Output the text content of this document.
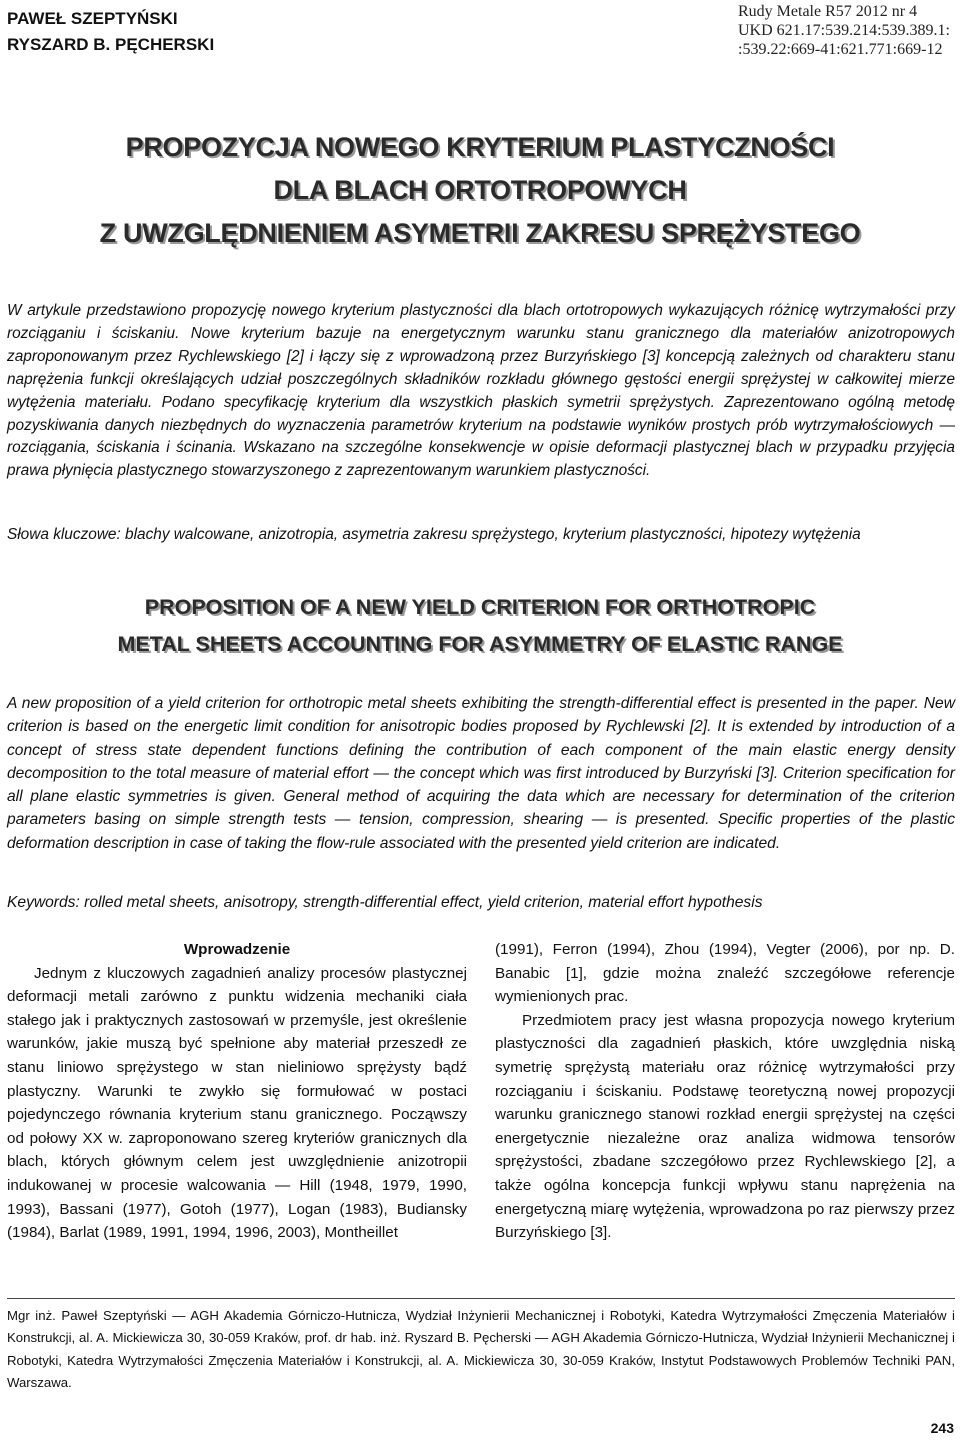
PAWEŁ SZEPTYŃSKI
RYSZARD B. PĘCHERSKI
Rudy Metale R57 2012 nr 4
UKD 621.17:539.214:539.389.1:
:539.22:669-41:621.771:669-12
PROPOZYCJA NOWEGO KRYTERIUM PLASTYCZNOŚCI
DLA BLACH ORTOTROPOWYCH
Z UWZGLĘDNIENIEM ASYMETRII ZAKRESU SPRĘŻYSTEGO
W artykule przedstawiono propozycję nowego kryterium plastyczności dla blach ortotropowych wykazujących różnicę wytrzymałości przy rozciąganiu i ściskaniu. Nowe kryterium bazuje na energetycznym warunku stanu granicznego dla materiałów anizotropowych zaproponowanym przez Rychlewskiego [2] i łączy się z wprowadzoną przez Burzyńskiego [3] koncepcją zależnych od charakteru stanu naprężenia funkcji określających udział poszczególnych składników rozkładu głównego gęstości energii sprężystej w całkowitej mierze wytężenia materiału. Podano specyfikację kryterium dla wszystkich płaskich symetrii sprężystych. Zaprezentowano ogólną metodę pozyskiwania danych niezbędnych do wyznaczenia parametrów kryterium na podstawie wyników prostych prób wytrzymałościowych — rozciągania, ściskania i ścinania. Wskazano na szczególne konsekwencje w opisie deformacji plastycznej blach w przypadku przyjęcia prawa płynięcia plastycznego stowarzyszonego z zaprezentowanym warunkiem plastyczności.
Słowa kluczowe: blachy walcowane, anizotropia, asymetria zakresu sprężystego, kryterium plastyczności, hipotezy wytężenia
PROPOSITION OF A NEW YIELD CRITERION FOR ORTHOTROPIC
METAL SHEETS ACCOUNTING FOR ASYMMETRY OF ELASTIC RANGE
A new proposition of a yield criterion for orthotropic metal sheets exhibiting the strength-differential effect is presented in the paper. New criterion is based on the energetic limit condition for anisotropic bodies proposed by Rychlewski [2]. It is extended by introduction of a concept of stress state dependent functions defining the contribution of each component of the main elastic energy density decomposition to the total measure of material effort — the concept which was first introduced by Burzyński [3]. Criterion specification for all plane elastic symmetries is given. General method of acquiring the data which are necessary for determination of the criterion parameters basing on simple strength tests — tension, compression, shearing — is presented. Specific properties of the plastic deformation description in case of taking the flow-rule associated with the presented yield criterion are indicated.
Keywords: rolled metal sheets, anisotropy, strength-differential effect, yield criterion, material effort hypothesis

Wprowadzenie

Jednym z kluczowych zagadnień analizy procesów plastycznej deformacji metali zarówno z punktu widzenia mechaniki ciała stałego jak i praktycznych zastosowań w przemyśle, jest określenie warunków, jakie muszą być spełnione aby materiał przeszedł ze stanu liniowo sprężystego w stan nieliniowo sprężysty bądź plastyczny. Warunki te zwykło się formułować w postaci pojedynczego równania kryterium stanu granicznego. Począwszy od połowy XX w. zaproponowano szereg kryteriów granicznych dla blach, których głównym celem jest uwzględnienie anizotropii indukowanej w procesie walcowania — Hill (1948, 1979, 1990, 1993), Bassani (1977), Gotoh (1977), Logan (1983), Budiansky (1984), Barlat (1989, 1991, 1994, 1996, 2003), Montheillet

(1991), Ferron (1994), Zhou (1994), Vegter (2006), por np. D. Banabic [1], gdzie można znaleźć szczegółowe referencje wymienionych prac.

Przedmiotem pracy jest własna propozycja nowego kryterium plastyczności dla zagadnień płaskich, które uwzględnia niską symetrię sprężystą materiału oraz różnicę wytrzymałości przy rozciąganiu i ściskaniu. Podstawę teoretyczną nowej propozycji warunku granicznego stanowi rozkład energii sprężystej na części energetycznie niezależne oraz analiza widmowa tensorów sprężystości, zbadane szczegółowo przez Rychlewskiego [2], a także ogólna koncepcja funkcji wpływu stanu naprężenia na energetyczną miarę wytężenia, wprowadzona po raz pierwszy przez Burzyńskiego [3].

Mgr inż. Paweł Szeptyński — AGH Akademia Górniczo-Hutnicza, Wydział Inżynierii Mechanicznej i Robotyki, Katedra Wytrzymałości Zmęczenia Materiałów i Konstrukcji, al. A. Mickiewicza 30, 30-059 Kraków, prof. dr hab. inż. Ryszard B. Pęcherski — AGH Akademia Górniczo-Hutnicza, Wydział Inżynierii Mechanicznej i Robotyki, Katedra Wytrzymałości Zmęczenia Materiałów i Konstrukcji, al. A. Mickiewicza 30, 30-059 Kraków, Instytut Podstawowych Problemów Techniki PAN, Warszawa.
243
